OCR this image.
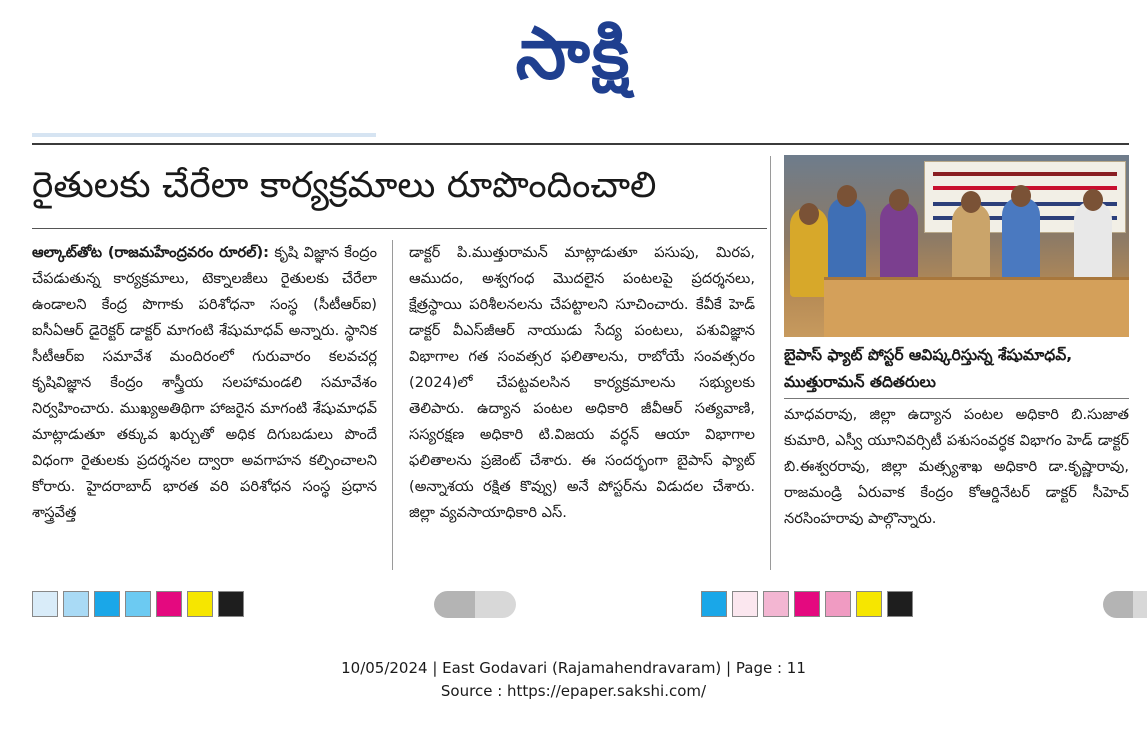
సాక్షి
రైతులకు చేరేలా కార్యక్రమాలు రూపొందించాలి
ఆల్కాట్‌తోట (రాజమహేంద్రవరం రూరల్‌): కృషి విజ్ఞాన కేంద్రం చేపడుతున్న కార్యక్రమాలు, టెక్నాలజీలు రైతులకు చేరేలా ఉండాలని కేంద్ర పొగాకు పరిశోధనా సంస్థ (సీటీఆర్‌ఐ) ఐసీఏఆర్‌ డైరెక్టర్‌ డాక్టర్‌ మాగంటి శేషుమాధవ్‌ అన్నారు. స్థానిక సీటీఆర్‌ఐ సమావేశ మందిరంలో గురువారం కలవచర్ల కృషివిజ్ఞాన కేంద్రం శాస్త్రీయ సలహామండలి సమావేశం నిర్వహించారు. ముఖ్యఅతిథిగా హాజరైన మాగంటి శేషుమాధవ్‌ మాట్లాడుతూ తక్కువ ఖర్చుతో అధిక దిగుబడులు పొందే విధంగా రైతులకు ప్రదర్శనల ద్వారా అవగాహన కల్పించాలని కోరారు. హైదరాబాద్‌ భారత వరి పరిశోధన సంస్థ ప్రధాన శాస్త్రవేత్త
డాక్టర్‌ పి.ముత్తురామన్‌ మాట్లాడుతూ పసుపు, మిరప, ఆముదం, అశ్వగంధ మొదలైన పంటలపై ప్రదర్శనలు, క్షేత్రస్థాయి పరిశీలనలను చేపట్టాలని సూచించారు. కేవీకే హెడ్‌ డాక్టర్‌ వీఎస్‌జీఆర్‌ నాయుడు సేద్య పంటలు, పశువిజ్ఞాన విభాగాల గత సంవత్సర ఫలితాలను, రాబోయే సంవత్సరం (2024)లో చేపట్టవలసిన కార్యక్రమాలను సభ్యులకు తెలిపారు. ఉద్యాన పంటల అధికారి జీవీఆర్‌ సత్యవాణి, సస్యరక్షణ అధికారి టి.విజయ వర్ధన్‌ ఆయా విభాగాల ఫలితాలను ప్రజెంట్‌ చేశారు. ఈ సందర్భంగా బైపాస్‌ ఫ్యాట్‌ (అన్నాశయ రక్షిత కొవ్వు) అనే పోస్టర్‌ను విడుదల చేశారు. జిల్లా వ్యవసాయాధికారి ఎస్‌.
బైపాస్‌ ఫ్యాట్‌ పోస్టర్‌ ఆవిష్కరిస్తున్న శేషుమాధవ్‌, ముత్తురామన్‌ తదితరులు
మాధవరావు, జిల్లా ఉద్యాన పంటల అధికారి బి.సుజాత కుమారి, ఎస్వీ యూనివర్సిటీ పశుసంవర్ధక విభాగం హెడ్‌ డాక్టర్‌ బి.ఈశ్వరరావు, జిల్లా మత్స్యశాఖ అధికారి డా.కృష్ణారావు, రాజమండ్రి ఏరువాక కేంద్రం కోఆర్డినేటర్‌ డాక్టర్‌ సీహెచ్‌ నరసింహరావు పాల్గొన్నారు.
10/05/2024 | East Godavari (Rajamahendravaram) | Page : 11
Source : https://epaper.sakshi.com/
